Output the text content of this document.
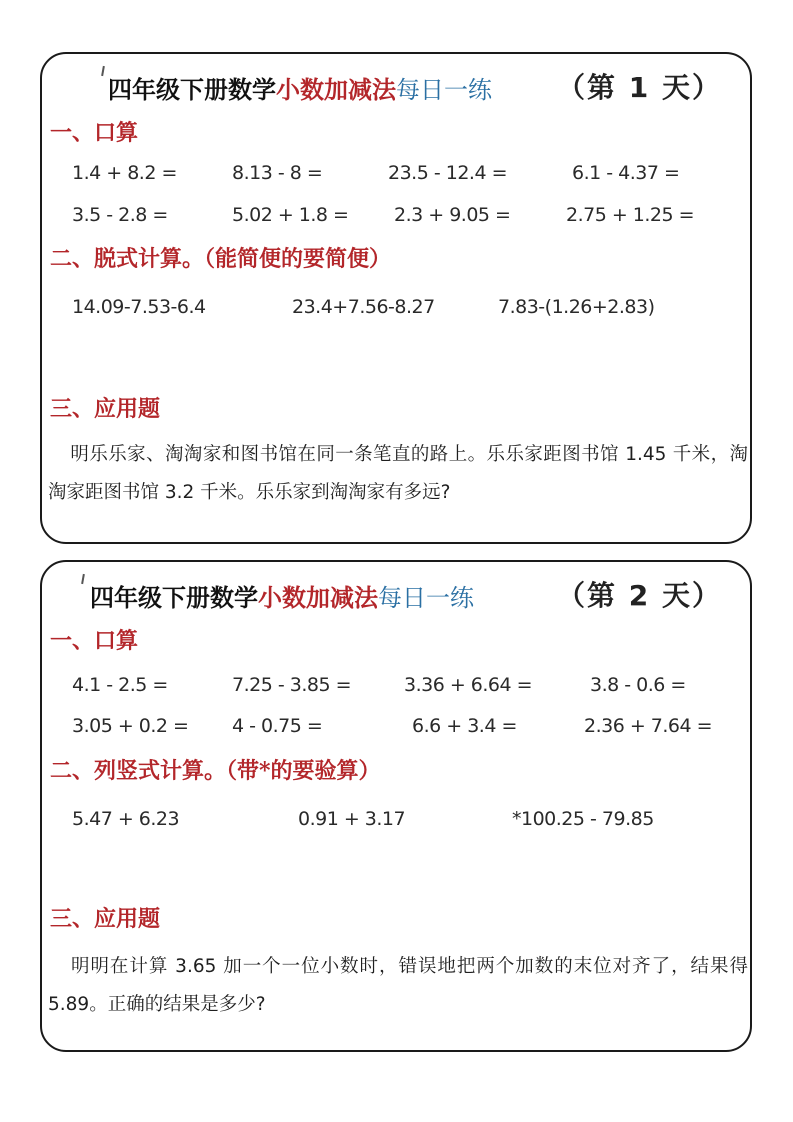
四年级下册数学小数加减法每日一练 （第 1 天）
一、口算
1.4 + 8.2 =	8.13 - 8 =	23.5 - 12.4 =	6.1 - 4.37 =
3.5 - 2.8 =	5.02 + 1.8 = 2.3 + 9.05 =	2.75 + 1.25 =
二、脱式计算。（能简便的要简便）
14.09-7.53-6.4	23.4+7.56-8.27	7.83-(1.26+2.83)
三、应用题
明乐乐家、淘淘家和图书馆在同一条笔直的路上。乐乐家距图书馆 1.45 千米，淘淘家距图书馆 3.2 千米。乐乐家到淘淘家有多远?
四年级下册数学小数加减法每日一练	（第 2 天）
一、口算
4.1 - 2.5 =	7.25 - 3.85 =	3.36 + 6.64 =	3.8 - 0.6 =
3.05 + 0.2 = 4 - 0.75 =	6.6 + 3.4 =	2.36 + 7.64 =
二、列竖式计算。（带*的要验算）
5.47 + 6.23	0.91 + 3.17	*100.25 - 79.85
三、应用题
明明在计算 3.65 加一个一位小数时，错误地把两个加数的末位对齐了，结果得 5.89。正确的结果是多少?
